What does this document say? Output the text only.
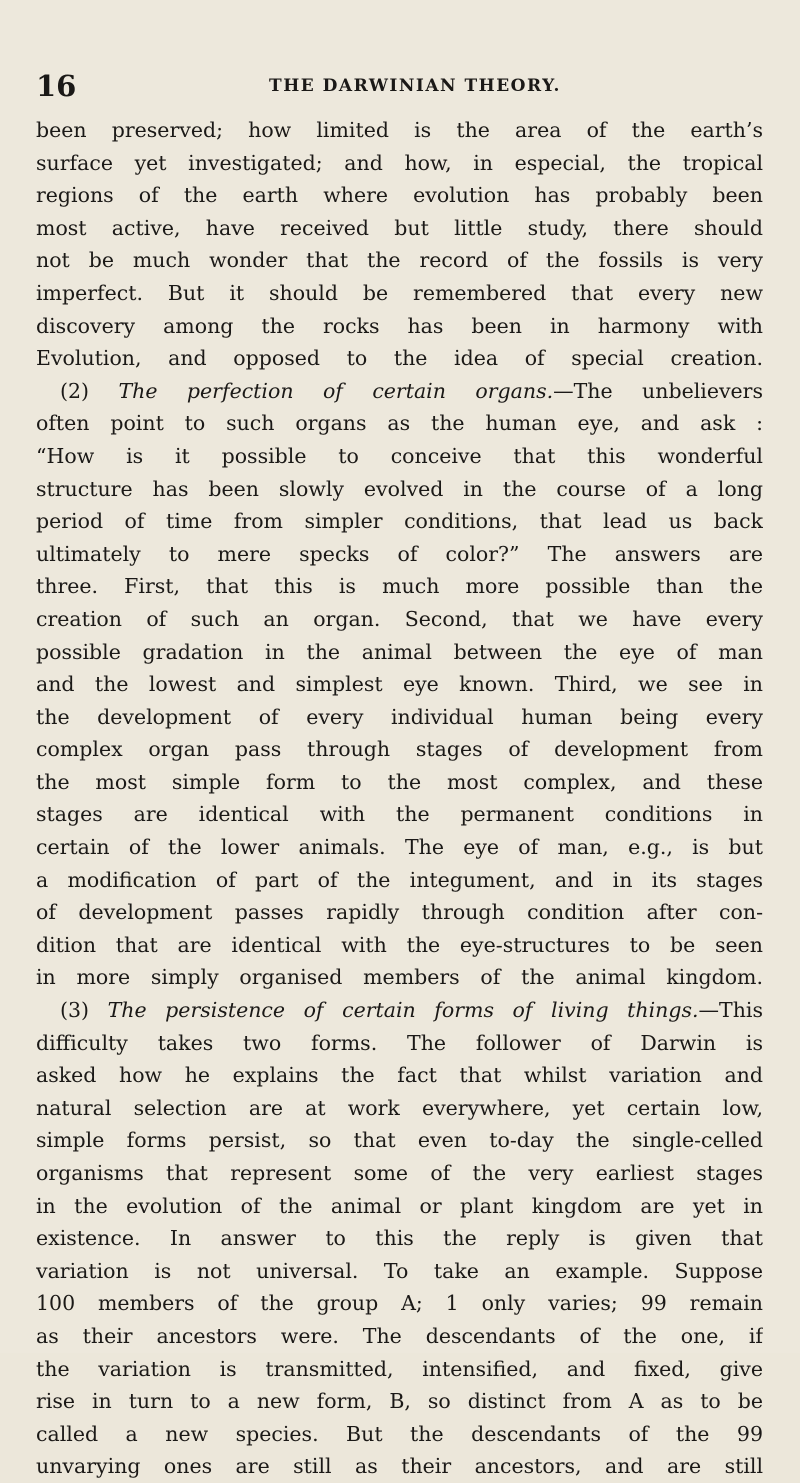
16	THE DARWINIAN THEORY.
been preserved; how limited is the area of the earth’s
surface yet investigated; and how, in especial, the tropical
regions of the earth where evolution has probably been
most active, have received but little study, there should
not be much wonder that the record of the fossils is very
imperfect. But it should be remembered that every new
discovery among the rocks has been in harmony with
Evolution, and opposed to the idea of special creation.
(2) The perfection of certain organs.—The unbelievers
often point to such organs as the human eye, and ask :
“How is it possible to conceive that this wonderful
structure has been slowly evolved in the course of a long
period of time from simpler conditions, that lead us back
ultimately to mere specks of color?” The answers are
three. First, that this is much more possible than the
creation of such an organ. Second, that we have every
possible gradation in the animal between the eye of man
and the lowest and simplest eye known. Third, we see in
the development of every individual human being every
complex organ pass through stages of development from
the most simple form to the most complex, and these
stages are identical with the permanent conditions in
certain of the lower animals. The eye of man, e.g., is but
a modification of part of the integument, and in its stages
of development passes rapidly through condition after con-
dition that are identical with the eye-structures to be seen
in more simply organised members of the animal kingdom.
(3) The persistence of certain forms of living things.—This
difficulty takes two forms. The follower of Darwin is
asked how he explains the fact that whilst variation and
natural selection are at work everywhere, yet certain low,
simple forms persist, so that even to-day the single-celled
organisms that represent some of the very earliest stages
in the evolution of the animal or plant kingdom are yet in
existence. In answer to this the reply is given that
variation is not universal. To take an example. Suppose
100 members of the group A; 1 only varies; 99 remain
as their ancestors were. The descendants of the one, if
the variation is transmitted, intensified, and fixed, give
rise in turn to a new form, B, so distinct from A as to be
called a new species. But the descendants of the 99
unvarying ones are still as their ancestors, and are still
